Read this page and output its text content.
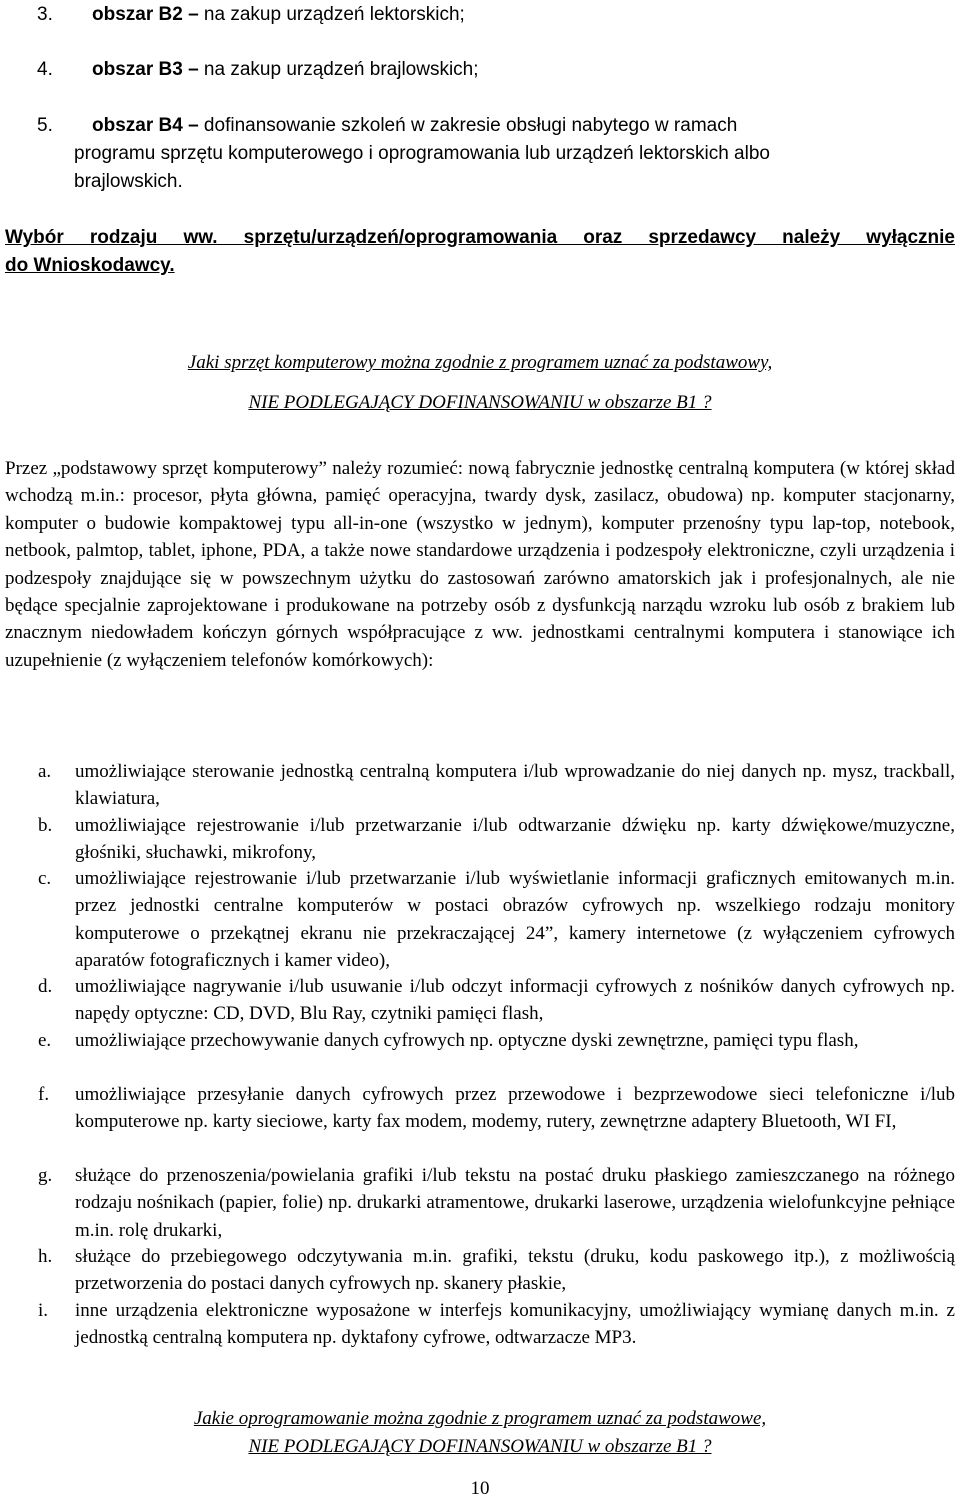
3. obszar B2 – na zakup urządzeń lektorskich;
4. obszar B3 – na zakup urządzeń brajlowskich;
5. obszar B4 – dofinansowanie szkoleń w zakresie obsługi nabytego w ramach
programu sprzętu komputerowego i oprogramowania lub urządzeń lektorskich albo
brajlowskich.
Wybór rodzaju ww. sprzętu/urządzeń/oprogramowania oraz sprzedawcy należy wyłącznie
do Wnioskodawcy.
Jaki sprzęt komputerowy można zgodnie z programem uznać za podstawowy,
NIE PODLEGAJĄCY DOFINANSOWANIU w obszarze B1 ?
Przez „podstawowy sprzęt komputerowy” należy rozumieć: nową fabrycznie jednostkę centralną komputera (w której skład wchodzą m.in.: procesor, płyta główna, pamięć operacyjna, twardy dysk, zasilacz, obudowa) np. komputer stacjonarny, komputer o budowie kompaktowej typu all-in-one (wszystko w jednym), komputer przenośny typu lap-top, notebook, netbook, palmtop, tablet, iphone, PDA, a także nowe standardowe urządzenia i podzespoły elektroniczne, czyli urządzenia i podzespoły znajdujące się w powszechnym użytku do zastosowań zarówno amatorskich jak i profesjonalnych, ale nie będące specjalnie zaprojektowane i produkowane na potrzeby osób z dysfunkcją narządu wzroku lub osób z brakiem lub znacznym niedowładem kończyn górnych współpracujące z ww. jednostkami centralnymi komputera i stanowiące ich uzupełnienie (z wyłączeniem telefonów komórkowych):
a. umożliwiające sterowanie jednostką centralną komputera i/lub wprowadzanie do niej danych np. mysz, trackball, klawiatura,
b. umożliwiające rejestrowanie i/lub przetwarzanie i/lub odtwarzanie dźwięku np. karty dźwiękowe/muzyczne, głośniki, słuchawki, mikrofony,
c. umożliwiające rejestrowanie i/lub przetwarzanie i/lub wyświetlanie informacji graficznych emitowanych m.in. przez jednostki centralne komputerów w postaci obrazów cyfrowych np. wszelkiego rodzaju monitory komputerowe o przekątnej ekranu nie przekraczającej 24”, kamery internetowe (z wyłączeniem cyfrowych aparatów fotograficznych i kamer video),
d. umożliwiające nagrywanie i/lub usuwanie i/lub odczyt informacji cyfrowych z nośników danych cyfrowych np. napędy optyczne: CD, DVD, Blu Ray, czytniki pamięci flash,
e. umożliwiające przechowywanie danych cyfrowych np. optyczne dyski zewnętrzne, pamięci typu flash,
f. umożliwiające przesyłanie danych cyfrowych przez przewodowe i bezprzewodowe sieci telefoniczne i/lub komputerowe np. karty sieciowe, karty fax modem, modemy, rutery, zewnętrzne adaptery Bluetooth, WI FI,
g. służące do przenoszenia/powielania grafiki i/lub tekstu na postać druku płaskiego zamieszczanego na różnego rodzaju nośnikach (papier, folie) np. drukarki atramentowe, drukarki laserowe, urządzenia wielofunkcyjne pełniące m.in. rolę drukarki,
h. służące do przebiegowego odczytywania m.in. grafiki, tekstu (druku, kodu paskowego itp.), z możliwością przetworzenia do postaci danych cyfrowych np. skanery płaskie,
i. inne urządzenia elektroniczne wyposażone w interfejs komunikacyjny, umożliwiający wymianę danych m.in. z jednostką centralną komputera np. dyktafony cyfrowe, odtwarzacze MP3.
Jakie oprogramowanie można zgodnie z programem uznać za podstawowe,
NIE PODLEGAJĄCY DOFINANSOWANIU w obszarze B1 ?
10
